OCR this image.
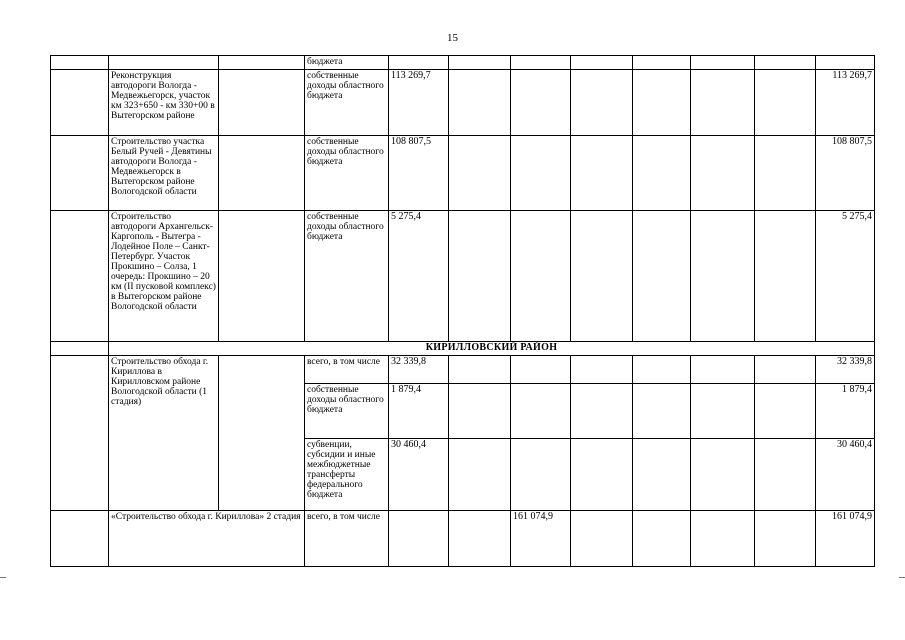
15
			бюджета								
	Реконструкция автодороги Вологда - Медвежьегорск, участок км 323+650 - км 330+00 в Вытегорском районе		собственные доходы областного бюджета	113 269,7							113 269,7
	Строительство участка Белый Ручей - Девятины автодороги Вологда - Медвежьегорск в Вытегорском районе Вологодской области		собственные доходы областного бюджета	108 807,5							108 807,5
	Строительство автодороги Архангельск-Каргополь - Вытегра - Лодейное Поле – Санкт-Петербург. Участок Прокшино – Солза, 1 очередь: Прокшино – 20 км (II пусковой комплекс) в Вытегорском районе Вологодской области		собственные доходы областного бюджета	5 275,4							5 275,4
	КИРИЛЛОВСКИЙ РАЙОН										
	Строительство обхода г. Кириллова в Кирилловском районе Вологодской области (1 стадия)		всего, в том числе	32 339,8							32 339,8
			собственные доходы областного бюджета	1 879,4							1 879,4
			субвенции, субсидии и иные межбюджетные трансферты федерального бюджета	30 460,4							30 460,4
	«Строительство обхода г. Кириллова» 2 стадия		всего, в том числе			161 074,9					161 074,9
